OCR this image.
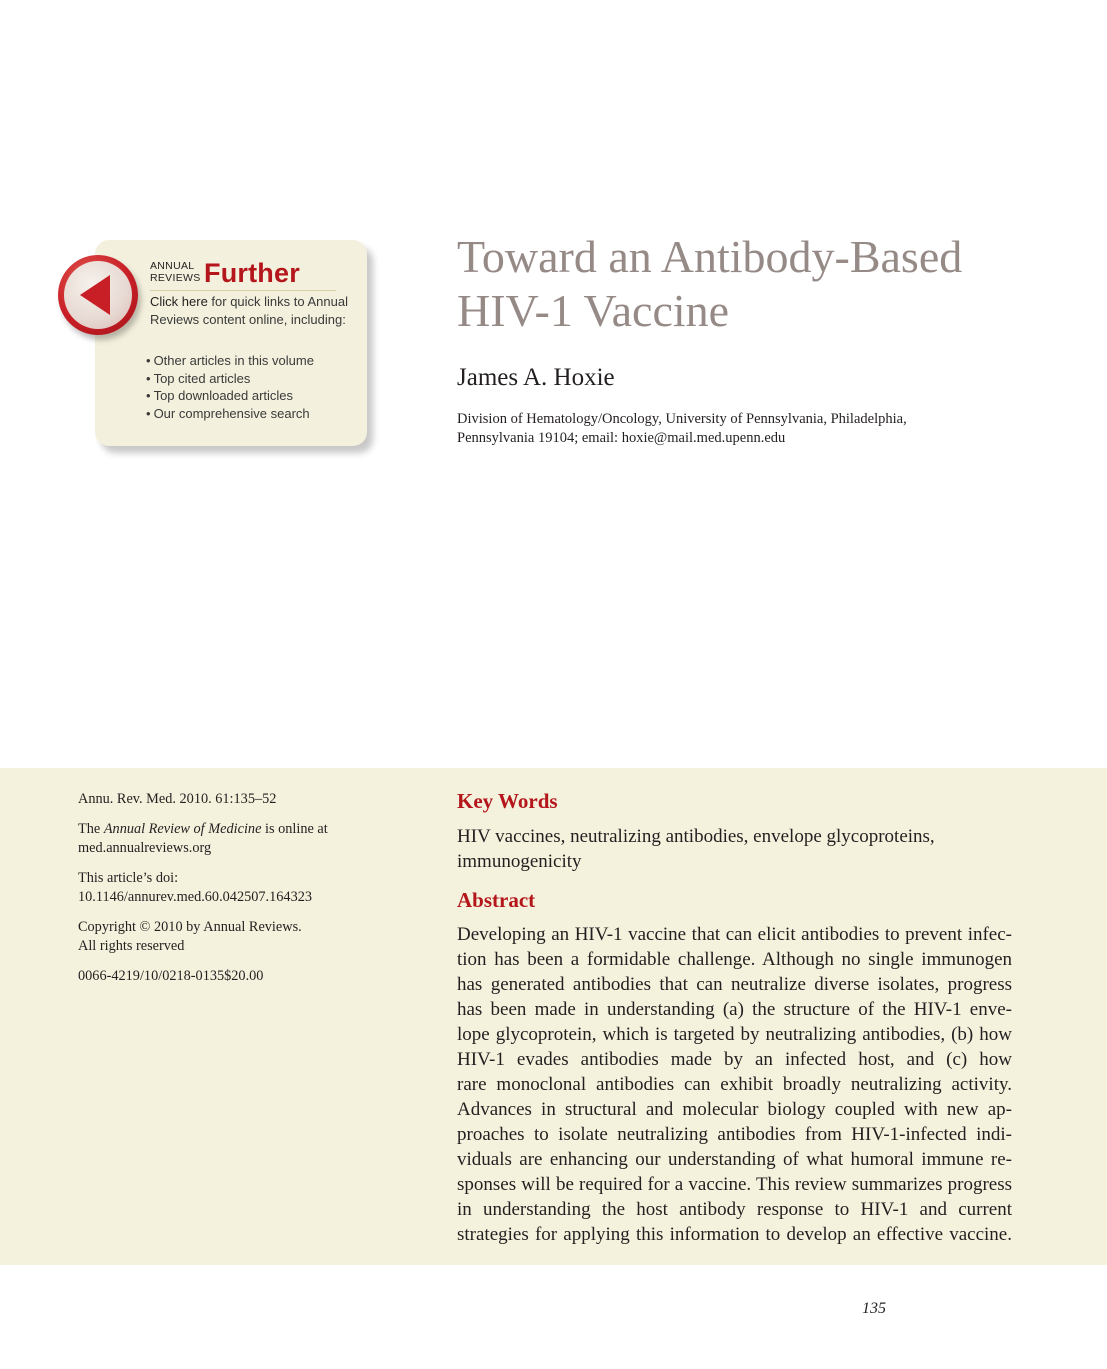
ANNUAL
REVIEWS Further
Click here for quick links to Annual Reviews content online, including:
• Other articles in this volume
• Top cited articles
• Top downloaded articles
• Our comprehensive search
Toward an Antibody-Based
HIV-1 Vaccine
James A. Hoxie
Division of Hematology/Oncology, University of Pennsylvania, Philadelphia,
Pennsylvania 19104; email: hoxie@mail.med.upenn.edu

Annu. Rev. Med. 2010. 61:135–52

The Annual Review of Medicine is online at
med.annualreviews.org

This article’s doi:
10.1146/annurev.med.60.042507.164323

Copyright © 2010 by Annual Reviews.
All rights reserved

0066-4219/10/0218-0135$20.00

Key Words
HIV vaccines, neutralizing antibodies, envelope glycoproteins,
immunogenicity
Abstract
Developing an HIV-1 vaccine that can elicit antibodies to prevent infec-
tion has been a formidable challenge. Although no single immunogen
has generated antibodies that can neutralize diverse isolates, progress
has been made in understanding (a) the structure of the HIV-1 enve-
lope glycoprotein, which is targeted by neutralizing antibodies, (b) how
HIV-1 evades antibodies made by an infected host, and (c) how
rare monoclonal antibodies can exhibit broadly neutralizing activity.
Advances in structural and molecular biology coupled with new ap-
proaches to isolate neutralizing antibodies from HIV-1-infected indi-
viduals are enhancing our understanding of what humoral immune re-
sponses will be required for a vaccine. This review summarizes progress
in understanding the host antibody response to HIV-1 and current
strategies for applying this information to develop an effective vaccine.
135
